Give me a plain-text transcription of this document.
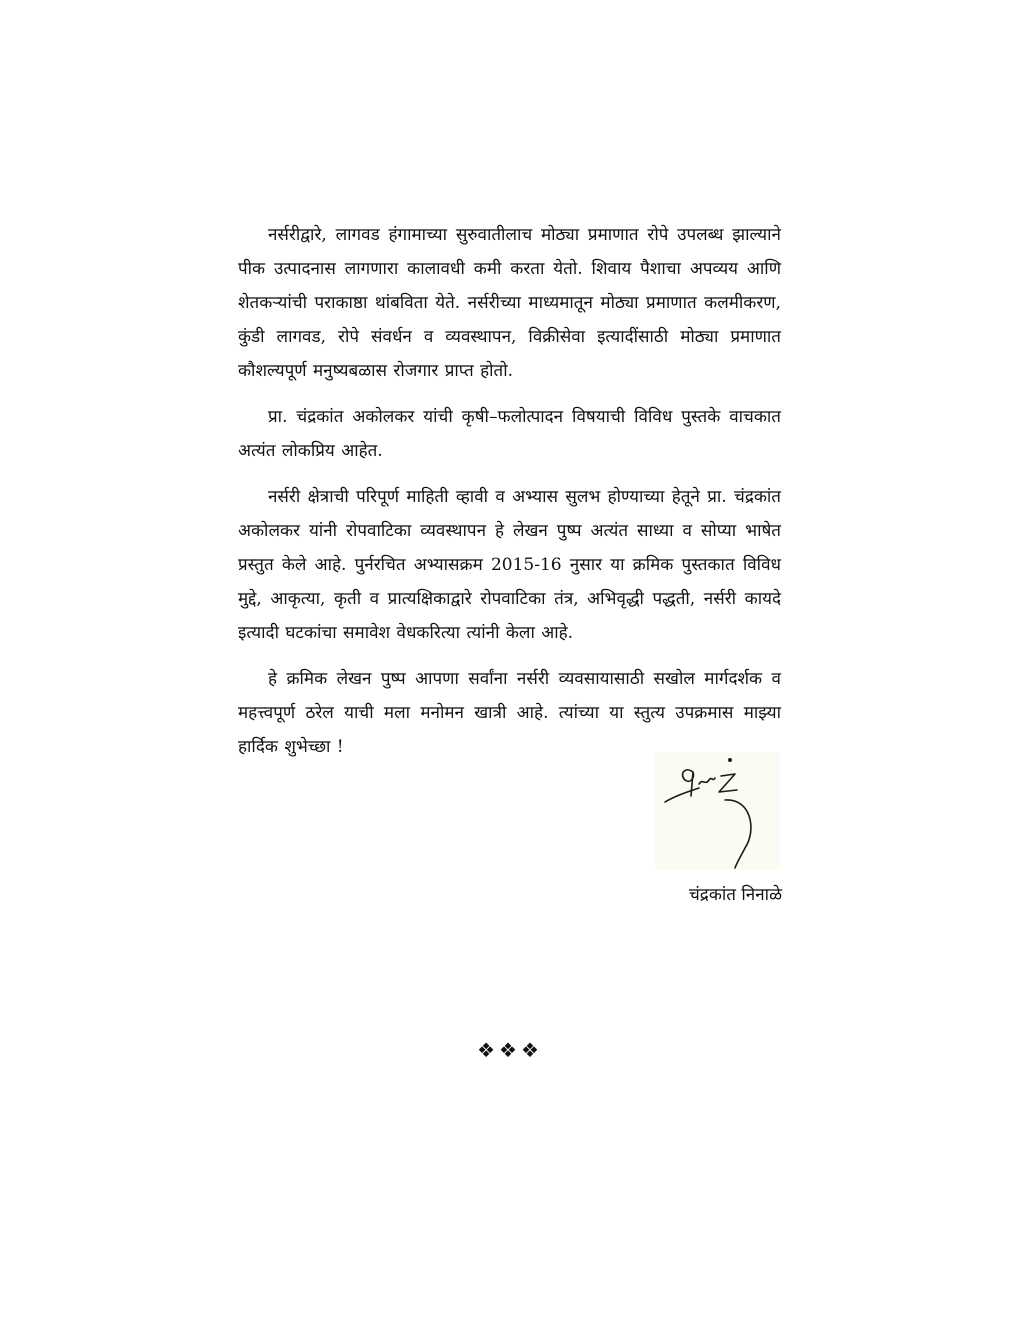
नर्सरीद्वारे, लागवड हंगामाच्या सुरुवातीलाच मोठ्या प्रमाणात रोपे उपलब्ध झाल्याने पीक उत्पादनास लागणारा कालावधी कमी करता येतो. शिवाय पैशाचा अपव्यय आणि शेतकऱ्यांची पराकाष्ठा थांबविता येते. नर्सरीच्या माध्यमातून मोठ्या प्रमाणात कलमीकरण, कुंडी लागवड, रोपे संवर्धन व व्यवस्थापन, विक्रीसेवा इत्यादींसाठी मोठ्या प्रमाणात कौशल्यपूर्ण मनुष्यबळास रोजगार प्राप्त होतो.

प्रा. चंद्रकांत अकोलकर यांची कृषी–फलोत्पादन विषयाची विविध पुस्तके वाचकात अत्यंत लोकप्रिय आहेत.

नर्सरी क्षेत्राची परिपूर्ण माहिती व्हावी व अभ्यास सुलभ होण्याच्या हेतूने प्रा. चंद्रकांत अकोलकर यांनी रोपवाटिका व्यवस्थापन हे लेखन पुष्प अत्यंत साध्या व सोप्या भाषेत प्रस्तुत केले आहे. पुर्नरचित अभ्यासक्रम 2015-16 नुसार या क्रमिक पुस्तकात विविध मुद्दे, आकृत्या, कृती व प्रात्यक्षिकाद्वारे रोपवाटिका तंत्र, अभिवृद्धी पद्धती, नर्सरी कायदे इत्यादी घटकांचा समावेश वेधकरित्या त्यांनी केला आहे.

हे क्रमिक लेखन पुष्प आपणा सर्वांना नर्सरी व्यवसायासाठी सखोल मार्गदर्शक व महत्त्वपूर्ण ठरेल याची मला मनोमन खात्री आहे. त्यांच्या या स्तुत्य उपक्रमास माझ्या हार्दिक शुभेच्छा !

चंद्रकांत निनाळे
❖❖❖
